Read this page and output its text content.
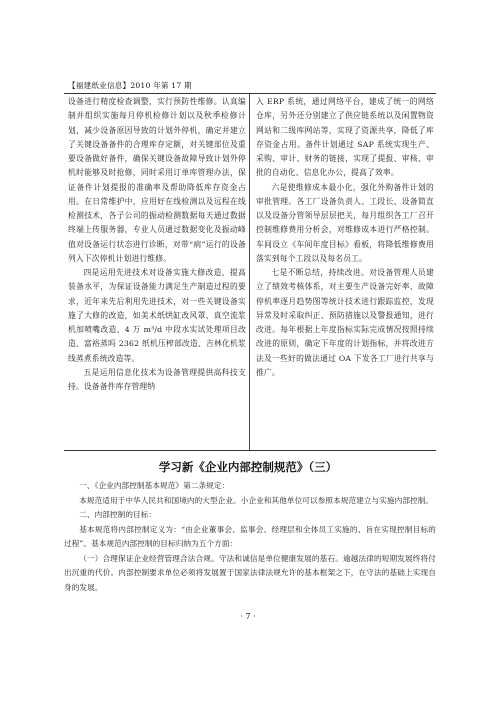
【福建纸业信息】2010 年第 17 期

设备进行精度检查调整，实行预防性维修。认真编制并组织实施每月停机检修计划以及秋季检修计划，减少设备原因导致的计划外停机，确定并建立了关键设备备件的合理库存定额，对关键部位及重要设备做好备件，确保关键设备故障导致计划外停机时能够及时抢修，同时采用订单库管理办法，保证备件计划提报的准确率及帮助降低库存资金占用。在日常维护中，应用好在线检测以及远程在线检测技术，各子公司的振动检测数据每天通过数据终端上传服务器，专业人员通过数据变化及振动峰值对设备运行状态进行诊断，对带“病”运行的设备列入下次停机计划进行维修。

四是运用先进技术对设备实施大修改造，提高装备水平，为保证设备能力满足生产制造过程的要求，近年来先后利用先进技术，对一些关键设备实施了大修的改造，如美术纸烘缸改风罩、真空流浆机加喷嘴改造、4 万 m³/d 中段水实试处理项目改造、富裕蒸吗 2362 纸机压榨部改造、吉林化机浆线蒸煮系统改造等。

五是运用信息化技术为设备管理提供高科技支持。设备备件库存管理纳

入 ERP 系统，通过网络平台，建成了统一的网络仓库，另外还分别建立了供应链系统以及闲置物资网站和二级库网站等，实现了资源共享，降低了库存资金占用。备件计划通过 SAP 系统实现生产、采购、审计、财务的链接，实现了提报、审核、审批的自动化、信息化办公，提高了效率。

六是使维修成本最小化，强化外购备件计划的审批管理。各工厂设备负责人、工段长、设备简直以及设备分管领导层层把关，每月组织各工厂召开控制维修费用分析会，对维修成本进行严格控制。车间设立《车间年度目标》看板，将降低维修费用落实到每个工段以及每名员工。

七是不断总结，持续改进。对设备管理人员建立了绩效考核体系，对主要生产设备完好率、故障停机率逐月趋势图等统计技术进行跟踪监控，发现异常及时采取纠正、预防措施以及警报通知，进行改进。每年根据上年度指标实际完成情况按照持续改进的原则，确定下年度的计划指标，并将改进方法及一些好的做法通过 OA 下发各工厂进行共享与推广。

学习新《企业内部控制规范》（三）

一、《企业内部控制基本规范》第二条规定：

本规范适用于中华人民共和国境内的大型企业。小企业和其他单位可以参照本规范建立与实施内部控制。

二、内部控制的目标：

基本规范将内部控制定义为：“由企业董事会、监事会、经理层和全体员工实施的、旨在实现控制目标的过程”。基本规范内部控制的目标归纳为五个方面：

（一）合理保证企业经营管理合法合规。守法和诚信是单位健康发展的基石。逾越法律的短期发展终将付出沉重的代价。内部控制要求单位必须将发展置于国家法律法规允许的基本框架之下，在守法的基础上实现自身的发展。

· 7 ·
